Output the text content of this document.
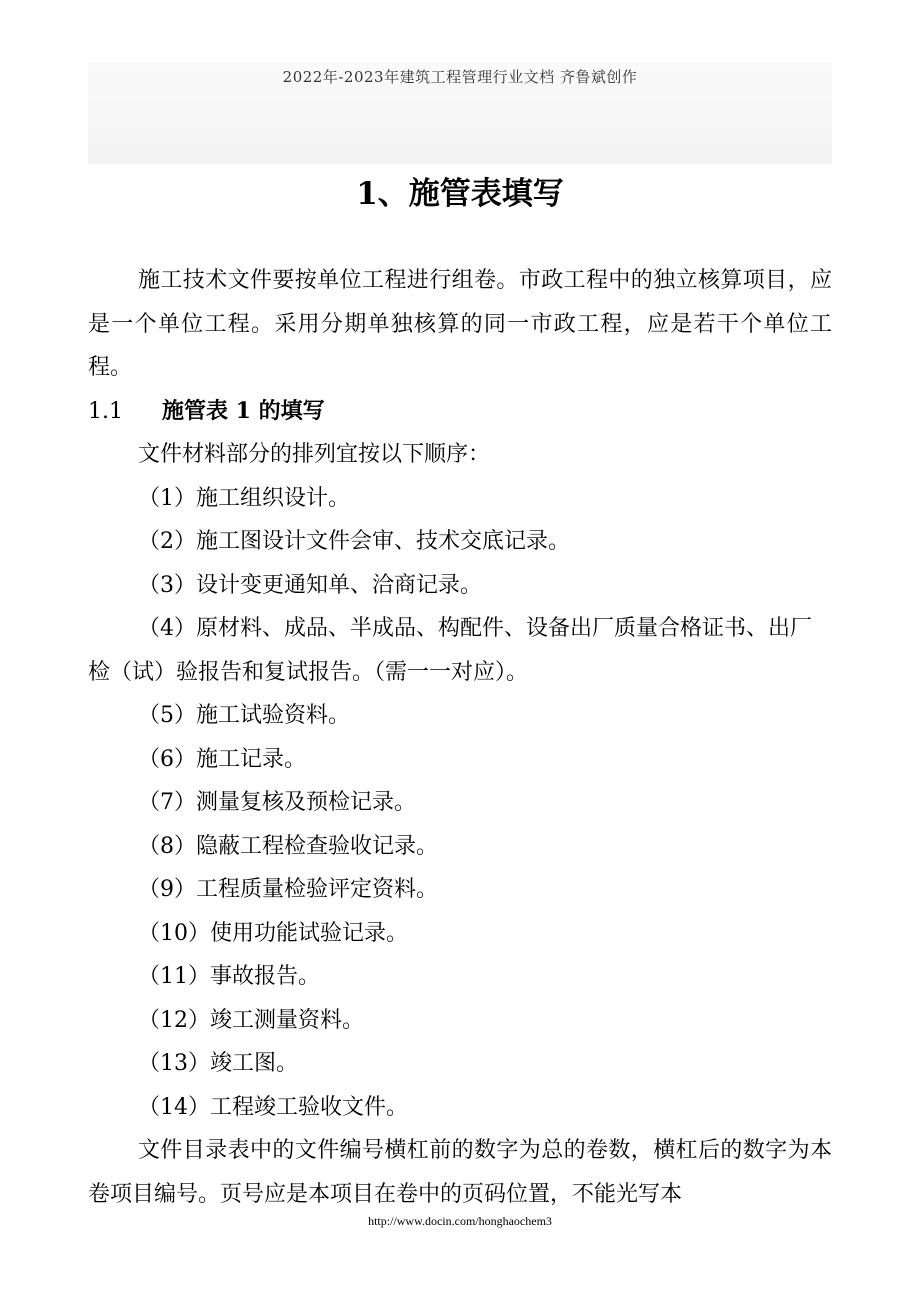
2022年-2023年建筑工程管理行业文档 齐鲁斌创作
1、施管表填写

施工技术文件要按单位工程进行组卷。市政工程中的独立核算项目，应是一个单位工程。采用分期单独核算的同一市政工程，应是若干个单位工程。

1.1 施管表 1 的填写

文件材料部分的排列宜按以下顺序：

（1）施工组织设计。

（2）施工图设计文件会审、技术交底记录。

（3）设计变更通知单、洽商记录。

（4）原材料、成品、半成品、构配件、设备出厂质量合格证书、出厂检（试）验报告和复试报告。（需一一对应）。

（5）施工试验资料。

（6）施工记录。

（7）测量复核及预检记录。

（8）隐蔽工程检查验收记录。

（9）工程质量检验评定资料。

（10）使用功能试验记录。

（11）事故报告。

（12）竣工测量资料。

（13）竣工图。

（14）工程竣工验收文件。

文件目录表中的文件编号横杠前的数字为总的卷数，横杠后的数字为本卷项目编号。页号应是本项目在卷中的页码位置，不能光写本

http://www.docin.com/honghaochem3
